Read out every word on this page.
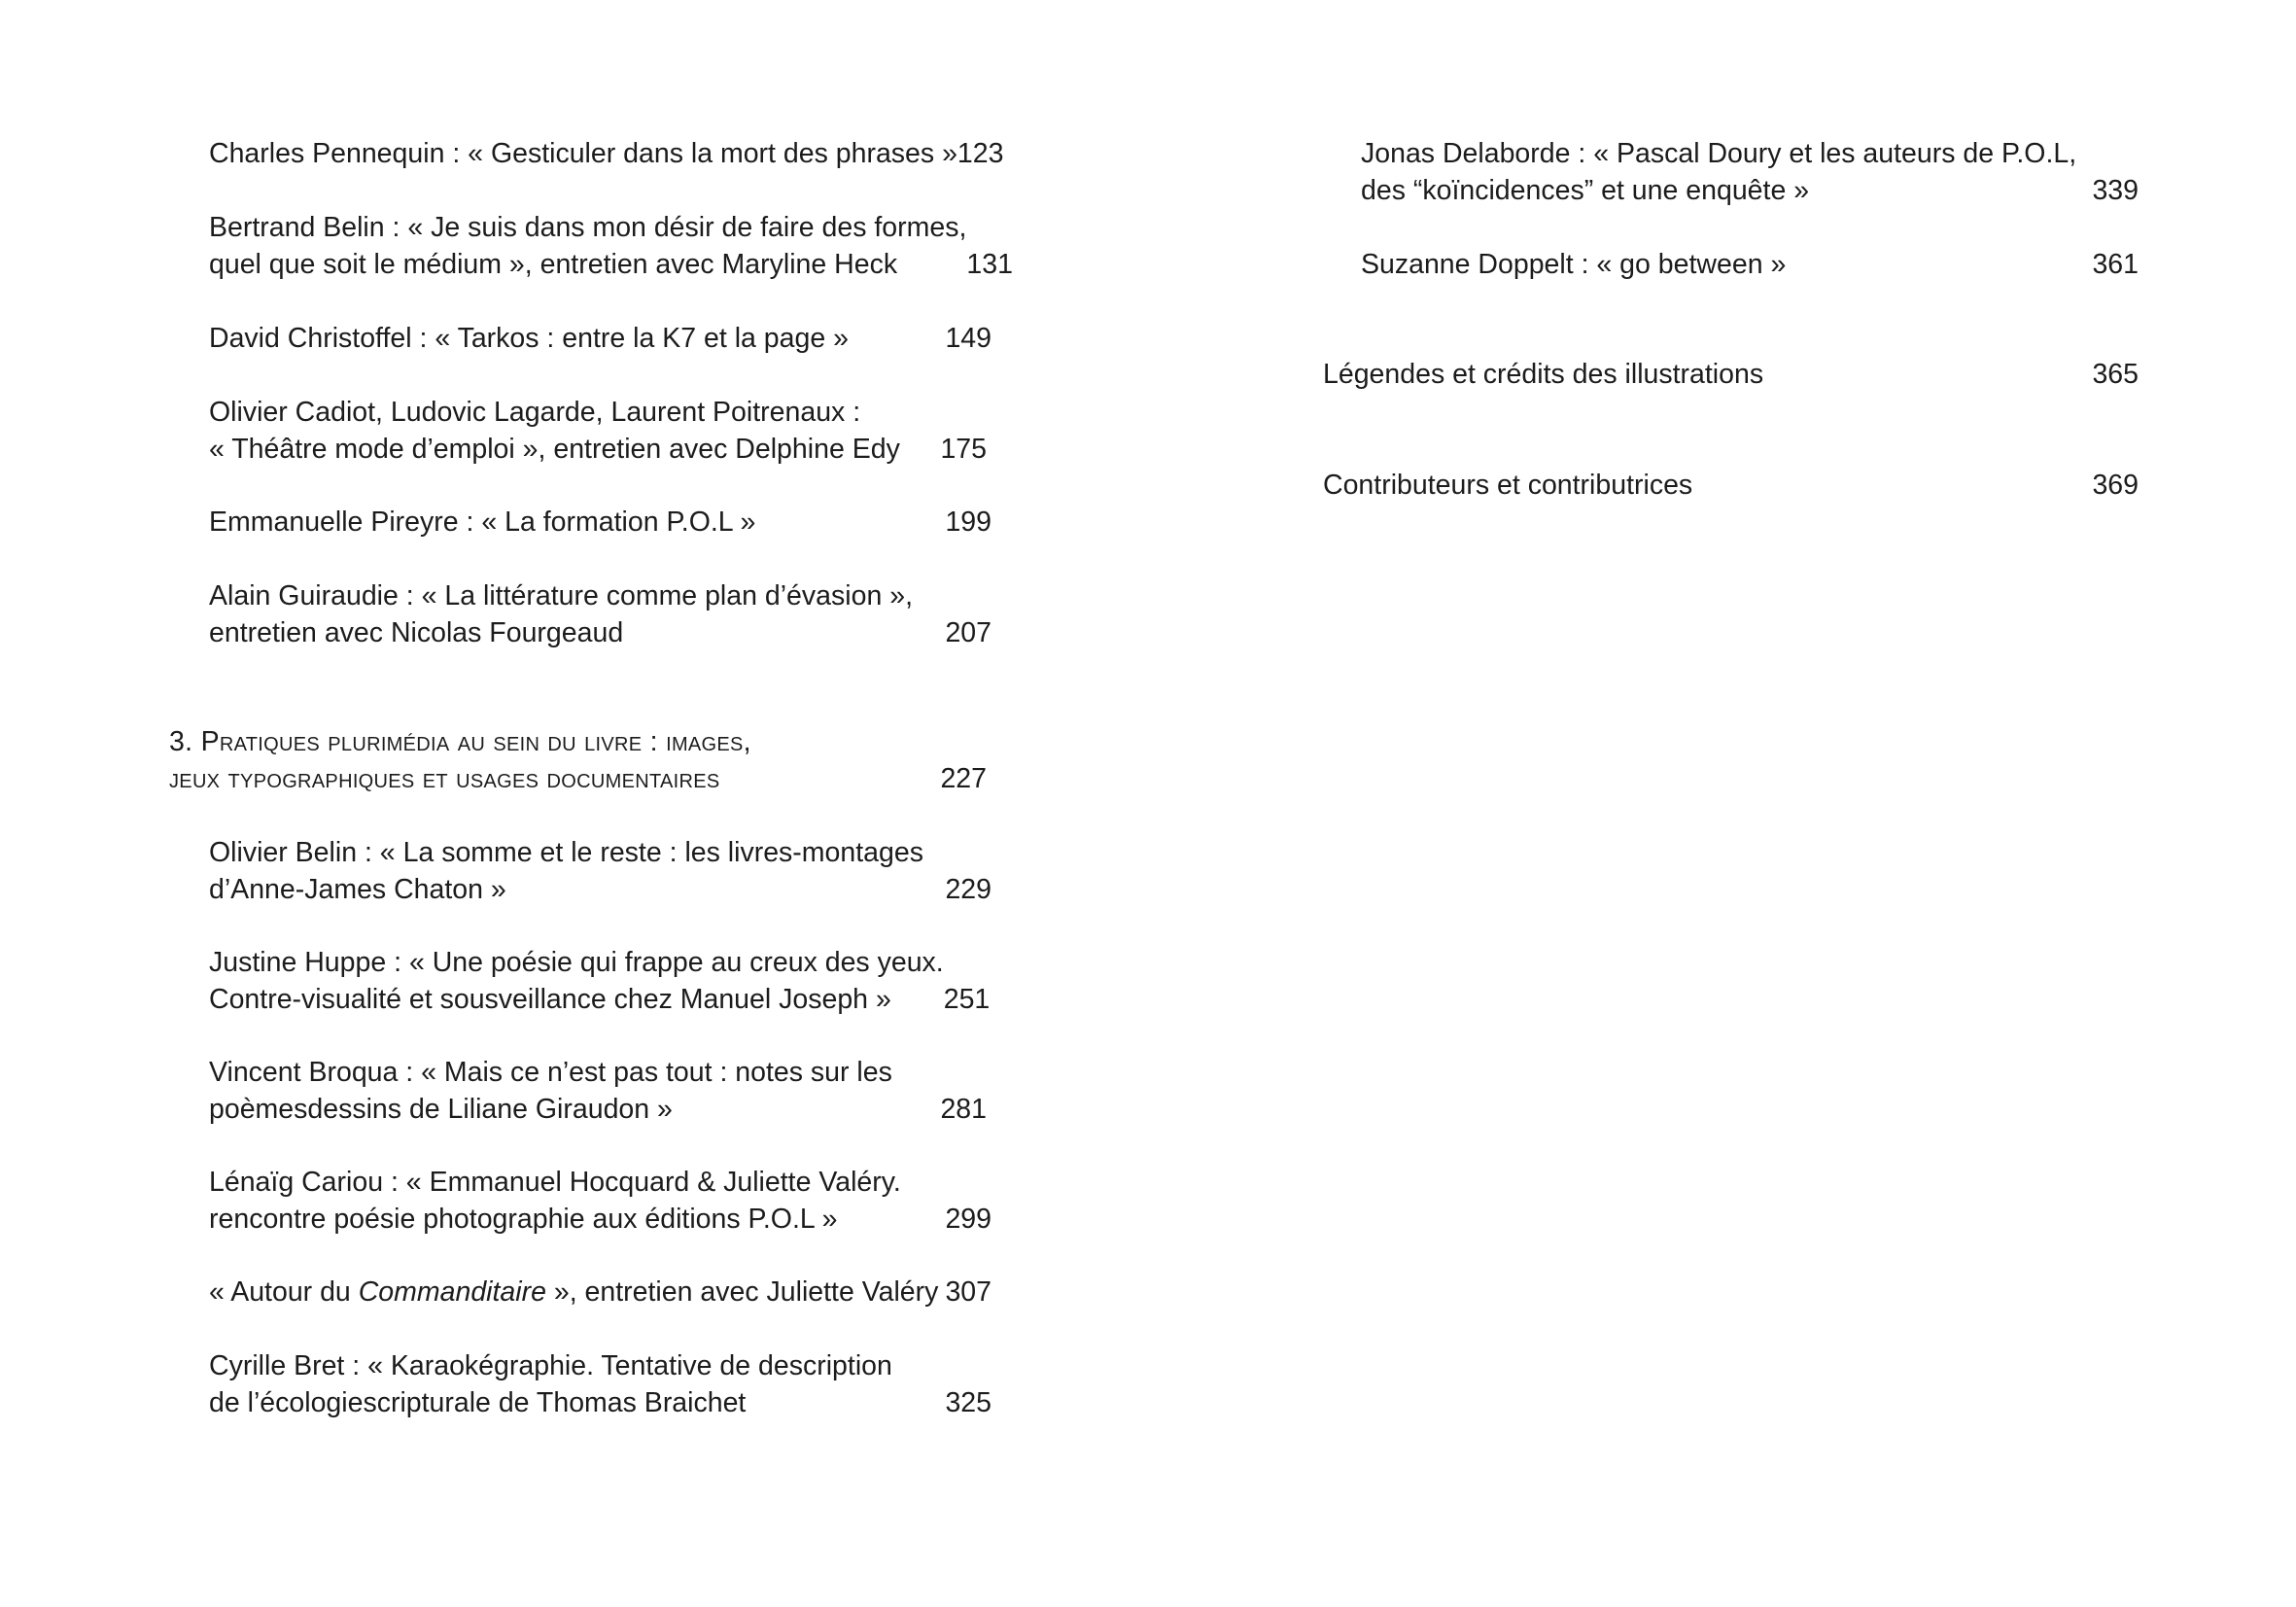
Charles Pennequin : « Gesticuler dans la mort des phrases » 123
Bertrand Belin : « Je suis dans mon désir de faire des formes,
quel que soit le médium », entretien avec Maryline Heck	131
David Christoffel : « Tarkos : entre la K7 et la page »	149
Olivier Cadiot, Ludovic Lagarde, Laurent Poitrenaux :
« Théâtre mode d’emploi », entretien avec Delphine Edy	175
Emmanuelle Pireyre : « La formation P.O.L »	199
Alain Guiraudie : « La littérature comme plan d’évasion »,
entretien avec Nicolas Fourgeaud	207
3. Pratiques plurimédia au sein du livre : images,
jeux typographiques et usages documentaires	227
Olivier Belin : « La somme et le reste : les livres-montages
d’Anne-James Chaton »	229
Justine Huppe : « Une poésie qui frappe au creux des yeux.
Contre-visualité et sousveillance chez Manuel Joseph »	251
Vincent Broqua : « Mais ce n’est pas tout : notes sur les
poèmesdessins de Liliane Giraudon »	281
Lénaïg Cariou : « Emmanuel Hocquard & Juliette Valéry.
rencontre poésie photographie aux éditions P.O.L »	299
« Autour du Commanditaire », entretien avec Juliette Valéry 307
Cyrille Bret : « Karaokégraphie. Tentative de description
de l’écologiescripturale de Thomas Braichet	325
Jonas Delaborde : « Pascal Doury et les auteurs de P.O.L,
des “koïncidences” et une enquête »	339
Suzanne Doppelt : « go between »	361
Légendes et crédits des illustrations	365
Contributeurs et contributrices	369
